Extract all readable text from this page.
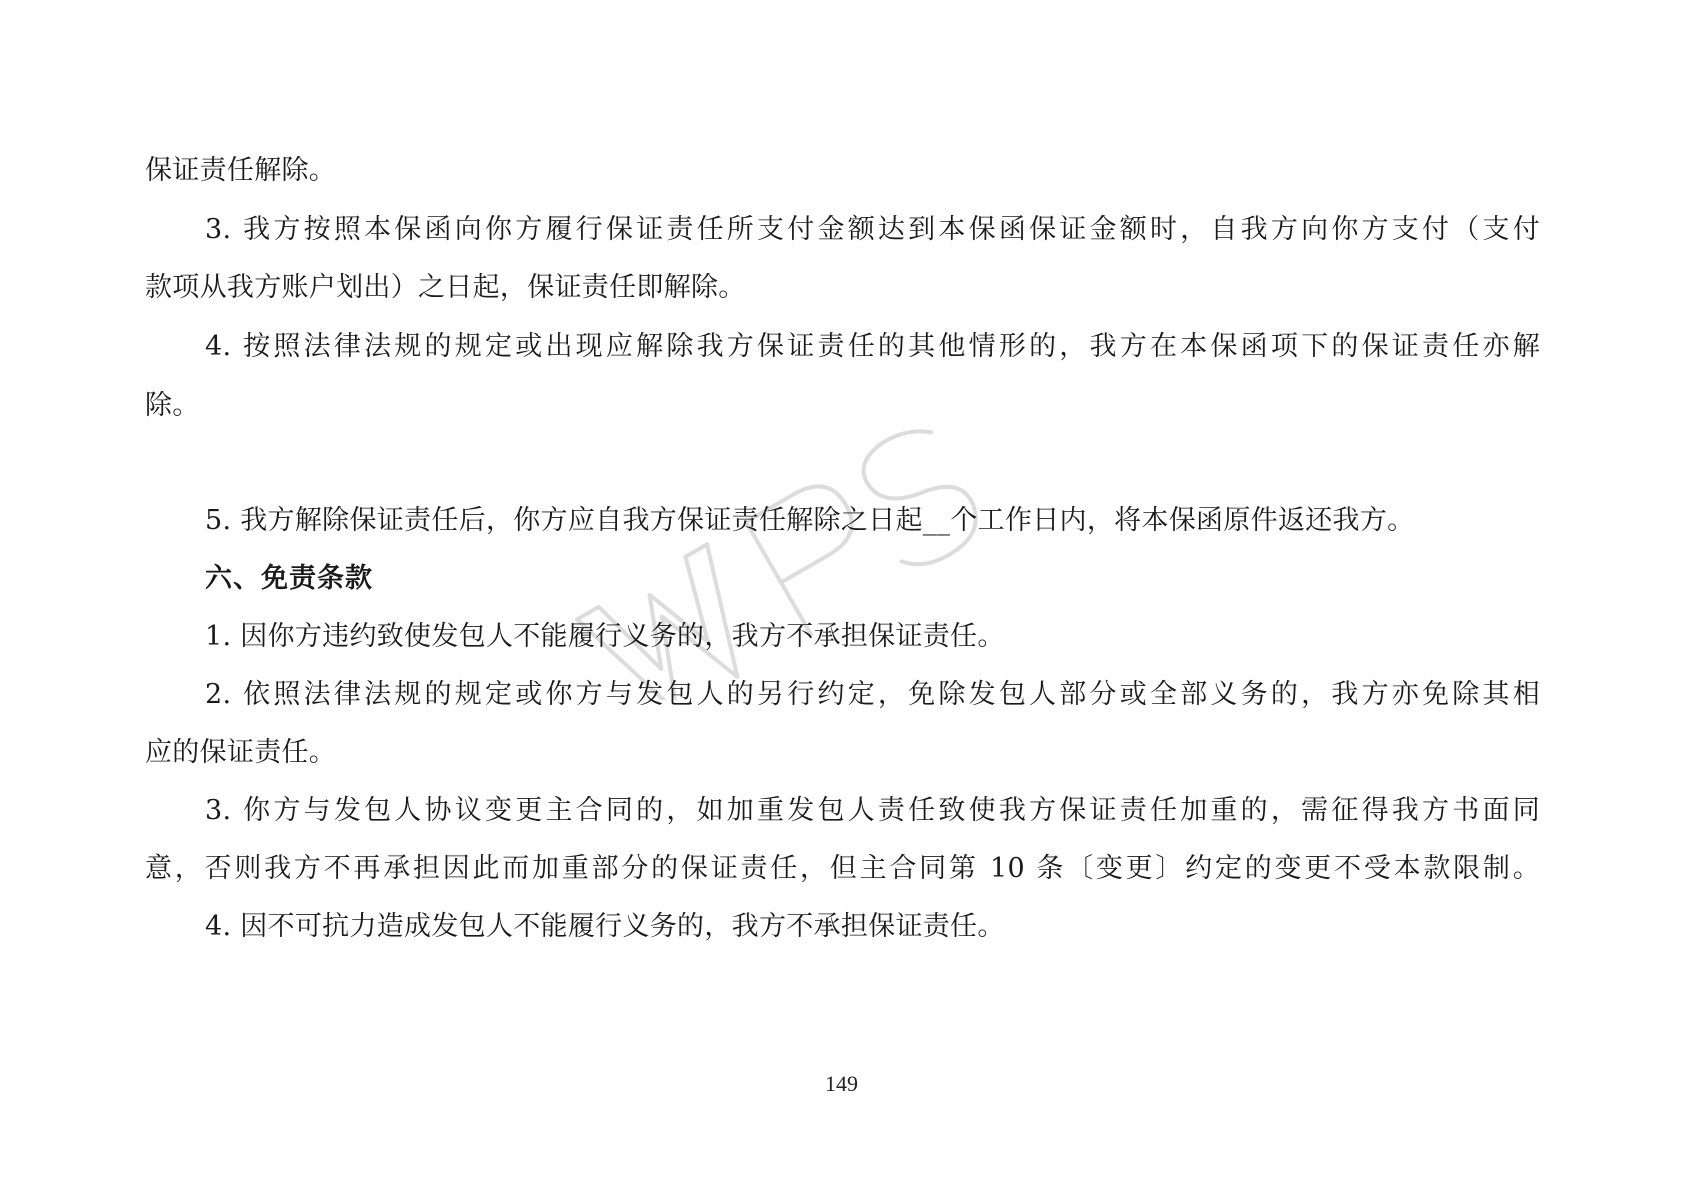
保证责任解除。
3. 我方按照本保函向你方履行保证责任所支付金额达到本保函保证金额时，自我方向你方支付（支付
款项从我方账户划出）之日起，保证责任即解除。
4. 按照法律法规的规定或出现应解除我方保证责任的其他情形的，我方在本保函项下的保证责任亦解
除。
5. 我方解除保证责任后，你方应自我方保证责任解除之日起__个工作日内，将本保函原件返还我方。
六、免责条款
1. 因你方违约致使发包人不能履行义务的，我方不承担保证责任。
2. 依照法律法规的规定或你方与发包人的另行约定，免除发包人部分或全部义务的，我方亦免除其相
应的保证责任。
3. 你方与发包人协议变更主合同的，如加重发包人责任致使我方保证责任加重的，需征得我方书面同
意，否则我方不再承担因此而加重部分的保证责任，但主合同第 10 条〔变更〕约定的变更不受本款限制。
4. 因不可抗力造成发包人不能履行义务的，我方不承担保证责任。
149
